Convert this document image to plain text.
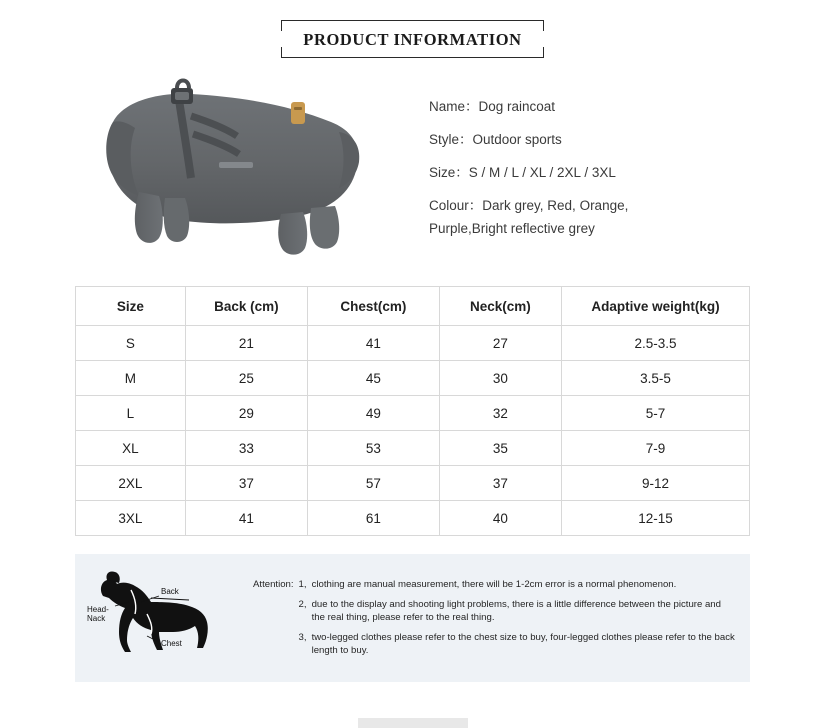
PRODUCT INFORMATION
Name：Dog raincoat
Style：Outdoor sports
Size：S / M / L / XL / 2XL / 3XL
Colour：Dark grey, Red, Orange,
Purple,Bright reflective grey
Size	Back (cm)	Chest(cm)	Neck(cm)	Adaptive weight(kg)
S	21	41	27	2.5-3.5
M	25	45	30	3.5-5
L	29	49	32	5-7
XL	33	53	35	7-9
2XL	37	57	37	9-12
3XL	41	61	40	12-15
Back
Head-
Nack
Chest
Attention: 1, clothing are manual measurement, there will be 1-2cm error is a normal phenomenon.
2, due to the display and shooting light problems, there is a little difference between the picture and the real thing, please refer to the real thing.
3, two-legged clothes please refer to the chest size to buy, four-legged clothes please refer to the back length to buy.
